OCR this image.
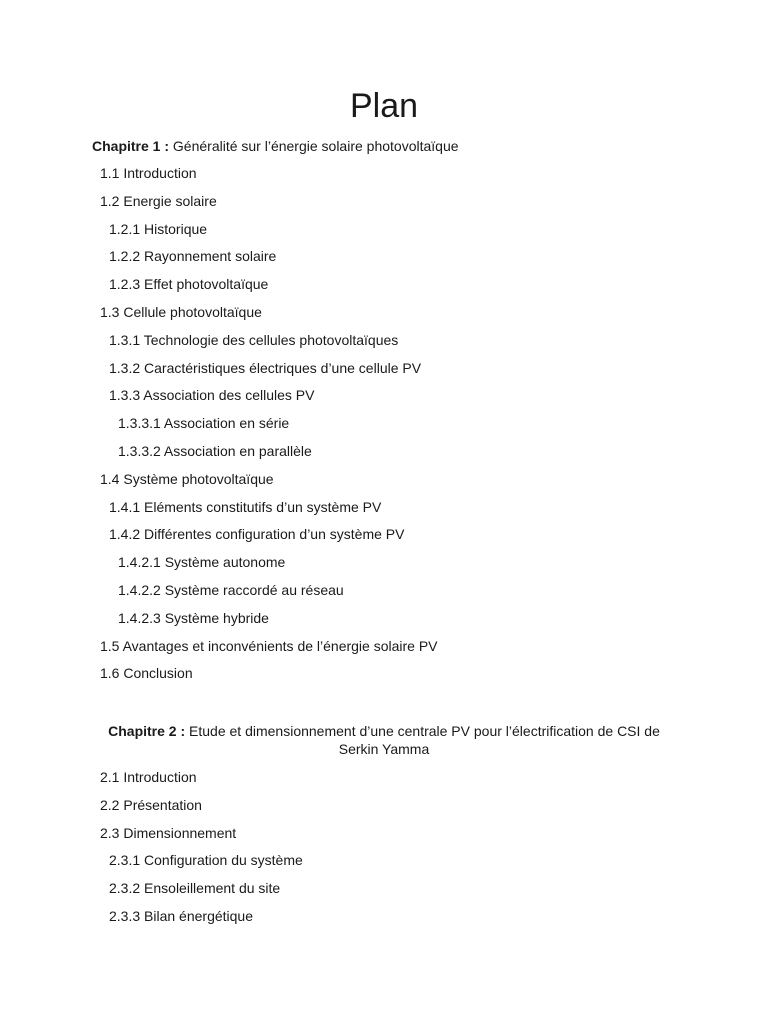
Plan

Chapitre 1 : Généralité sur l’énergie solaire photovoltaïque

1.1 Introduction
1.2 Energie solaire
1.2.1 Historique
1.2.2 Rayonnement solaire
1.2.3 Effet photovoltaïque
1.3 Cellule photovoltaïque
1.3.1 Technologie des cellules photovoltaïques
1.3.2 Caractéristiques électriques d’une cellule PV
1.3.3 Association des cellules PV
1.3.3.1 Association en série
1.3.3.2 Association en parallèle
1.4 Système photovoltaïque
1.4.1 Eléments constitutifs d’un système PV
1.4.2 Différentes configuration d’un système PV
1.4.2.1 Système autonome
1.4.2.2 Système raccordé au réseau
1.4.2.3 Système hybride
1.5 Avantages et inconvénients de l’énergie solaire PV
1.6 Conclusion

Chapitre 2 : Etude et dimensionnement d’une centrale PV pour l’électrification de CSI de Serkin Yamma

2.1 Introduction
2.2 Présentation
2.3 Dimensionnement
2.3.1 Configuration du système
2.3.2 Ensoleillement du site
2.3.3 Bilan énergétique
